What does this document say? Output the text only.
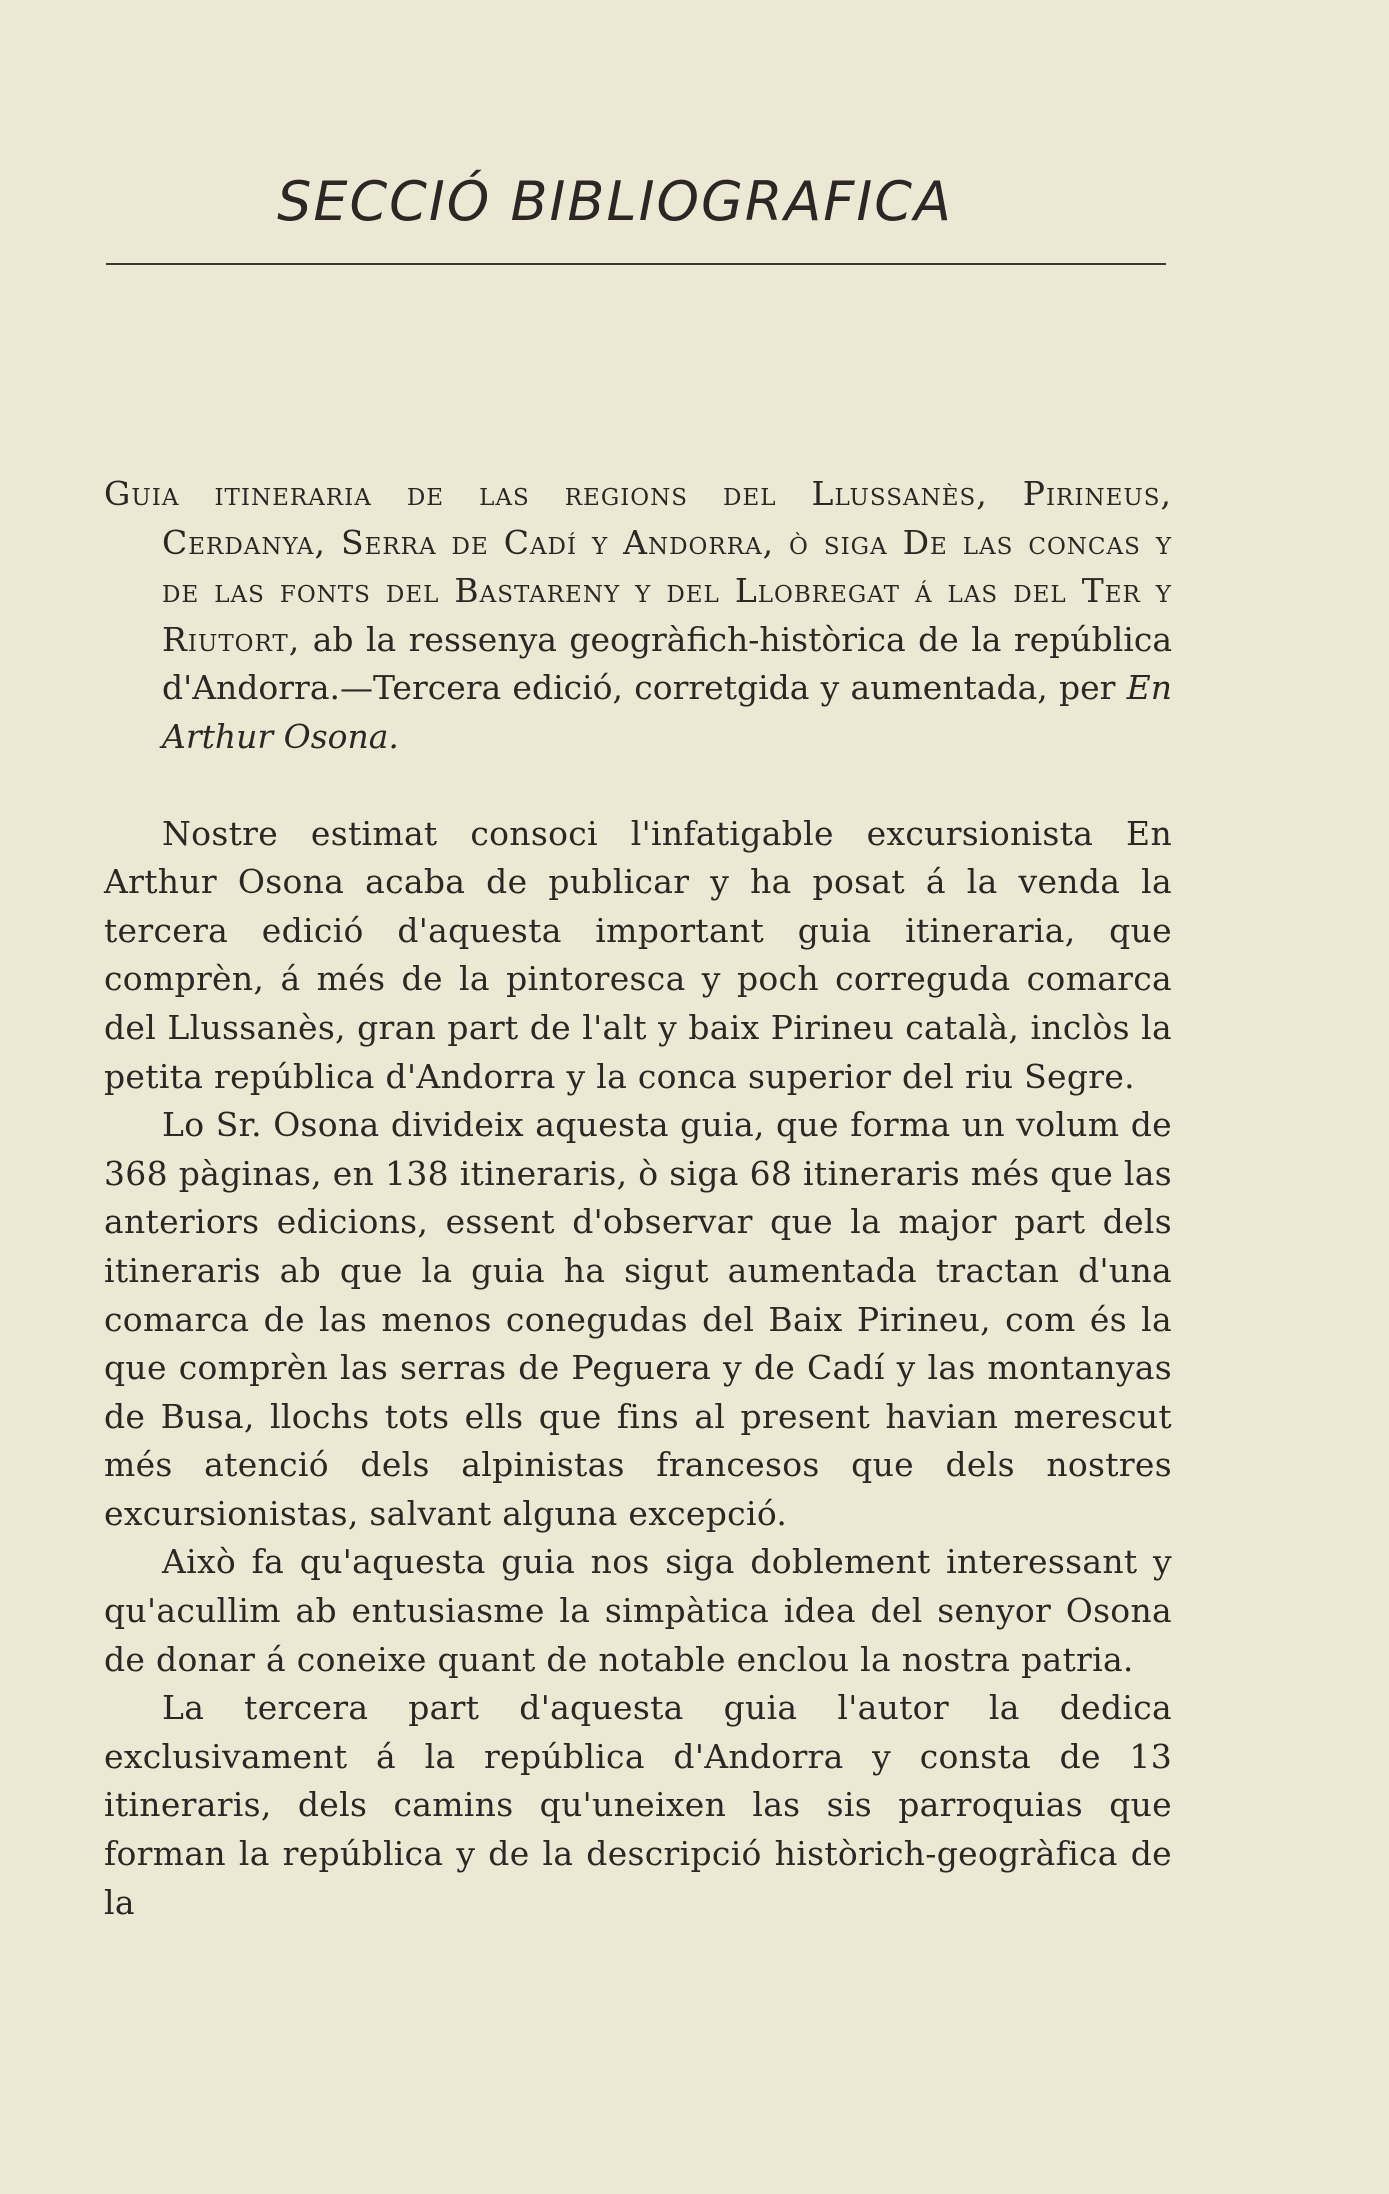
SECCIÓ BIBLIOGRAFICA

Guia itineraria de las regions del Llussanès, Pirineus, Cerdanya, Serra de Cadí y Andorra, ò siga De las concas y de las fonts del Bastareny y del Llobregat á las del Ter y Riutort, ab la ressenya geogràfich-històrica de la república d'Andorra.—Tercera edició, corretgida y aumentada, per En Arthur Osona.

Nostre estimat consoci l'infatigable excursionista En Arthur Osona acaba de publicar y ha posat á la venda la tercera edició d'aquesta important guia itineraria, que comprèn, á més de la pintoresca y poch correguda comarca del Llussanès, gran part de l'alt y baix Pirineu català, inclòs la petita república d'Andorra y la conca superior del riu Segre.

Lo Sr. Osona divideix aquesta guia, que forma un volum de 368 pàginas, en 138 itineraris, ò siga 68 itineraris més que las anteriors edicions, essent d'observar que la major part dels itineraris ab que la guia ha sigut aumentada tractan d'una comarca de las menos conegudas del Baix Pirineu, com és la que comprèn las serras de Peguera y de Cadí y las montanyas de Busa, llochs tots ells que fins al present havian merescut més atenció dels alpinistas francesos que dels nostres excursionistas, salvant alguna excepció.

Això fa qu'aquesta guia nos siga doblement interessant y qu'acullim ab entusiasme la simpàtica idea del senyor Osona de donar á coneixe quant de notable enclou la nostra patria.

La tercera part d'aquesta guia l'autor la dedica exclusivament á la república d'Andorra y consta de 13 itineraris, dels camins qu'uneixen las sis parroquias que forman la república y de la descripció històrich-geogràfica de la
